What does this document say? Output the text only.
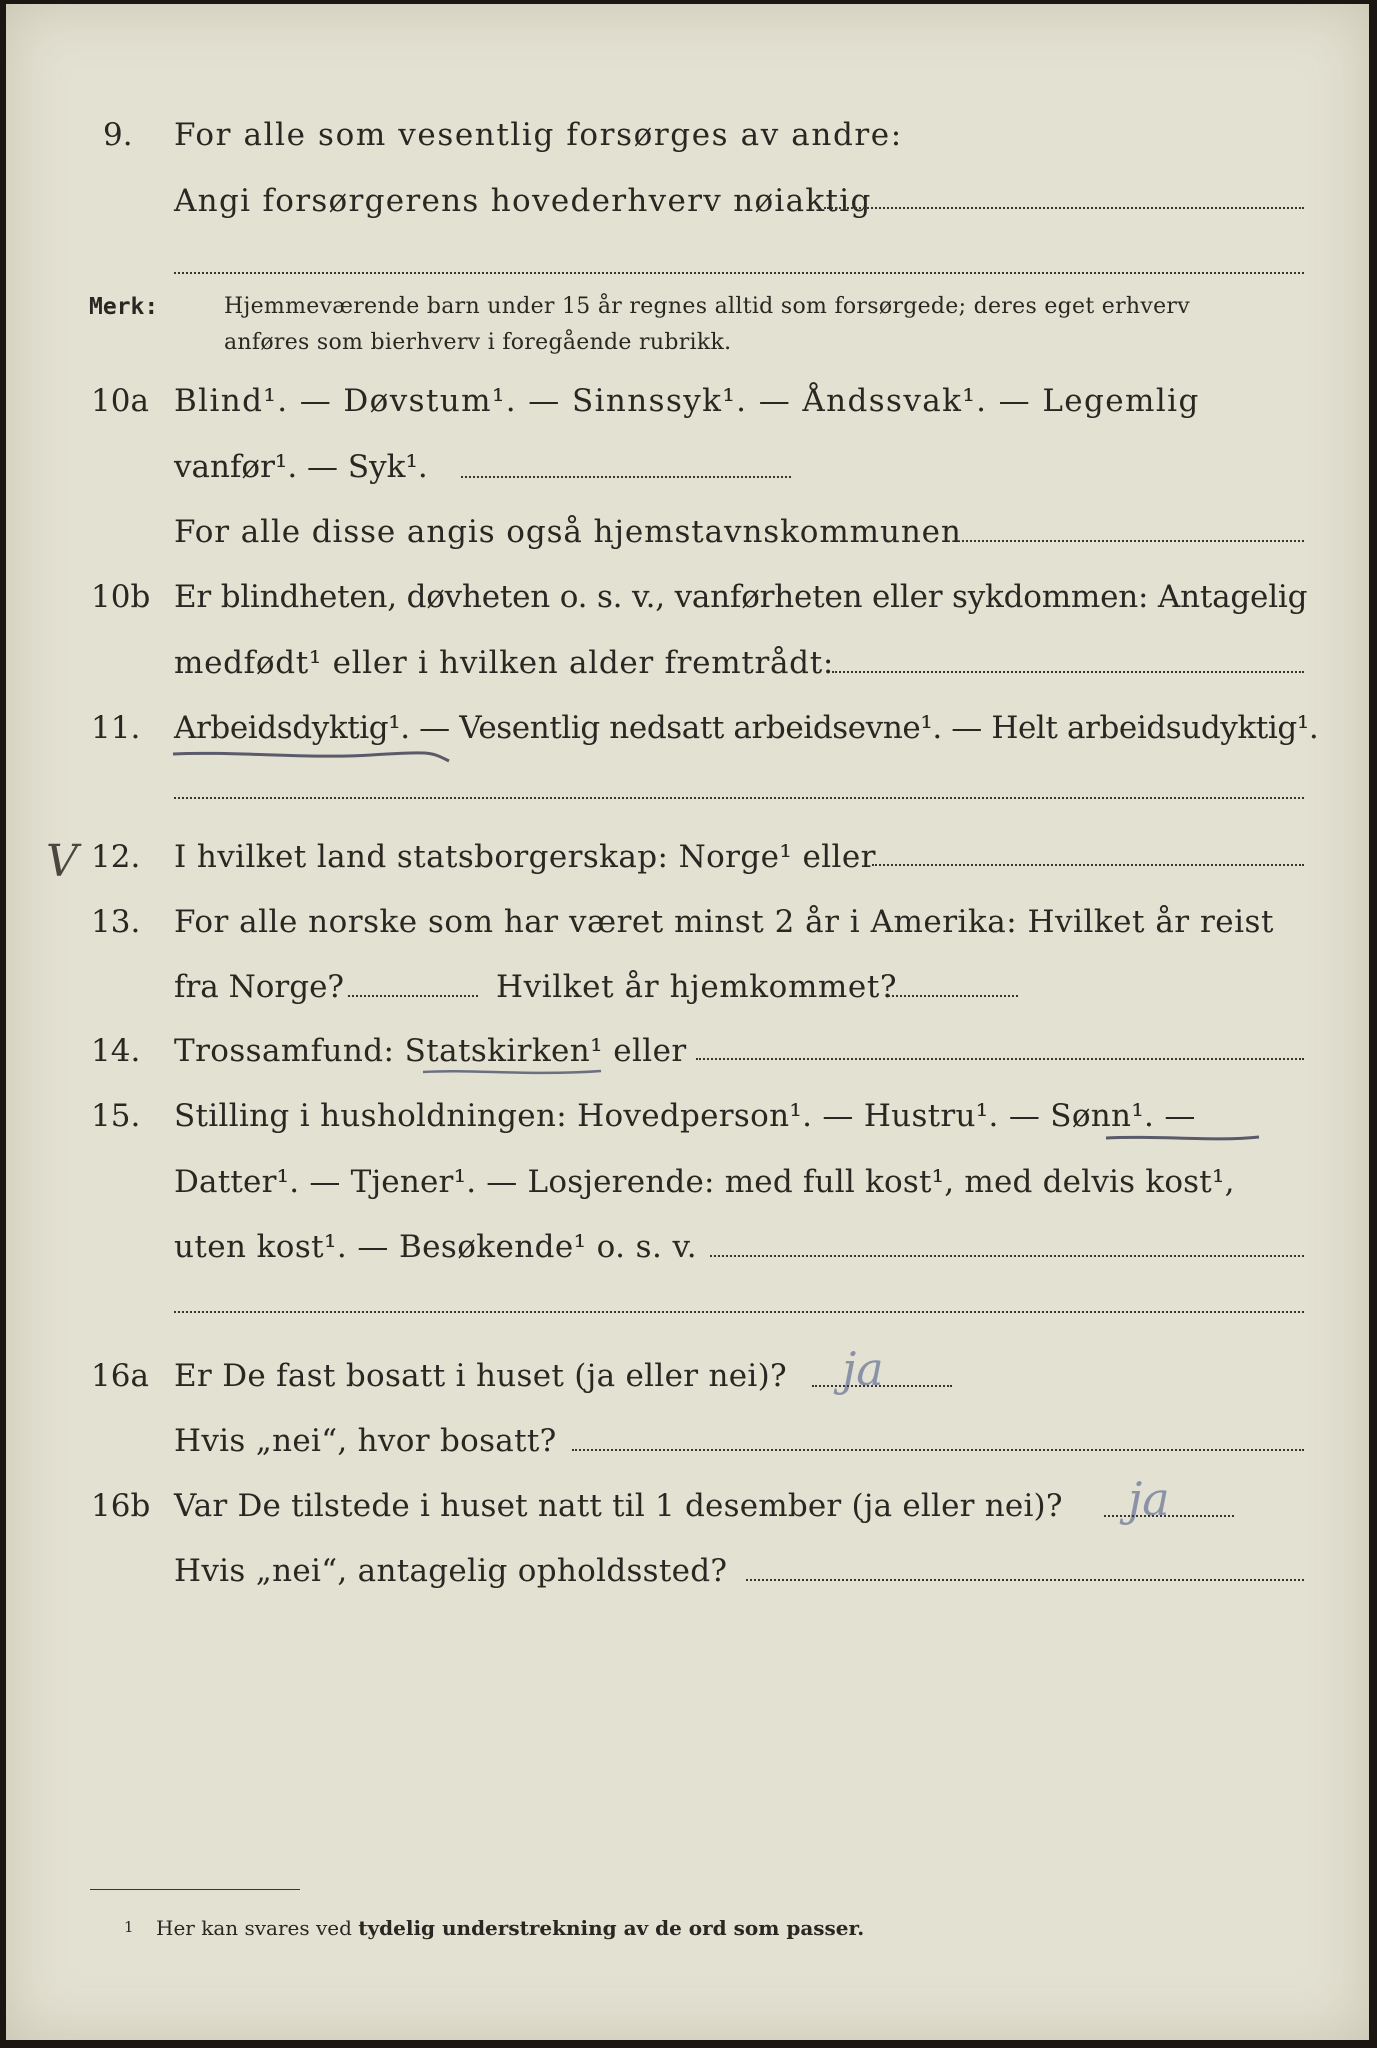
9. For alle som vesentlig forsørges av andre:
Angi forsørgerens hovederhverv nøiaktig
Merk:	Hjemmeværende barn under 15 år regnes alltid som forsørgede; deres eget erhverv
anføres som bierhverv i foregående rubrikk.
10a Blind¹. — Døvstum¹. — Sinnssyk¹. — Åndssvak¹. — Legemlig
vanfør¹. — Syk¹.
For alle disse angis også hjemstavnskommunen
10b Er blindheten, døvheten o. s. v., vanførheten eller sykdommen: Antagelig
medfødt¹ eller i hvilken alder fremtrådt:
11. Arbeidsdyktig¹. — Vesentlig nedsatt arbeidsevne¹. — Helt arbeidsudyktig¹.
V 12. I hvilket land statsborgerskap: Norge¹ eller
13. For alle norske som har været minst 2 år i Amerika: Hvilket år reist
fra Norge?	Hvilket år hjemkommet?
14. Trossamfund: Statskirken¹ eller
15. Stilling i husholdningen: Hovedperson¹. — Hustru¹. — Sønn¹. —
Datter¹. — Tjener¹. — Losjerende: med full kost¹, med delvis kost¹,
uten kost¹. — Besøkende¹ o. s. v.
16a Er De fast bosatt i huset (ja eller nei)? ja
Hvis „nei“, hvor bosatt?
16b Var De tilstede i huset natt til 1 desember (ja eller nei)? ja
Hvis „nei“, antagelig opholdssted?
1 Her kan svares ved tydelig understrekning av de ord som passer.
